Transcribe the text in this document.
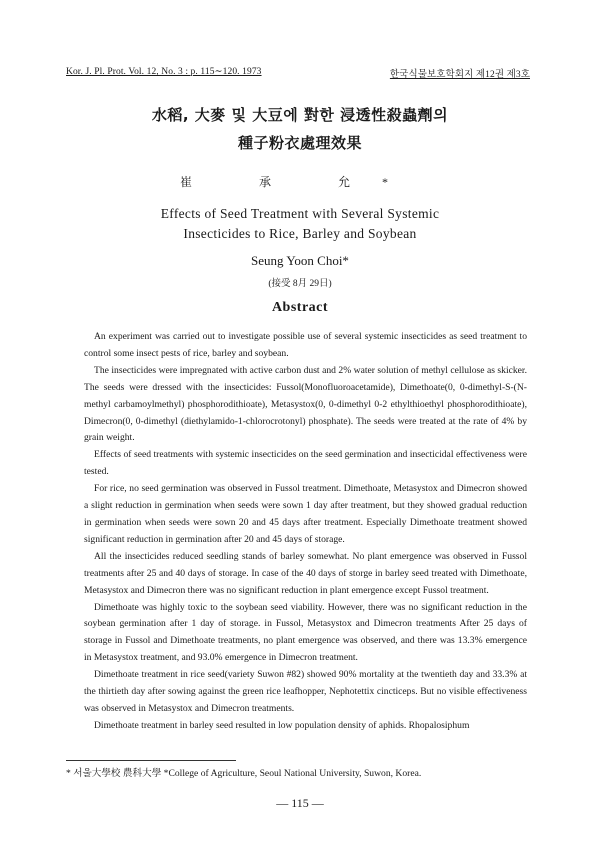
Kor. J. Pl. Prot. Vol. 12, No. 3 : p. 115∼120. 1973	한국식물보호학회지 제12권 제3호
水稻, 大麥 및 大豆에 對한 浸透性殺蟲劑의
種子粉衣處理效果
崔 承 允*
Effects of Seed Treatment with Several Systemic
Insecticides to Rice, Barley and Soybean
Seung Yoon Choi*
(接受 8月 29日)
Abstract

An experiment was carried out to investigate possible use of several systemic insecticides as seed treatment to control some insect pests of rice, barley and soybean.

The insecticides were impregnated with active carbon dust and 2% water solution of methyl cellulose as skicker. The seeds were dressed with the insecticides: Fussol(Monofluoroacetamide), Dimethoate(0, 0-dimethyl-S-(N-methyl carbamoylmethyl) phosphorodithioate), Metasystox(0, 0-dimethyl 0-2 ethylthioethyl phosphorodithioate), Dimecron(0, 0-dimethyl (diethylamido-1-chlorocrotonyl) phosphate). The seeds were treated at the rate of 4% by grain weight.

Effects of seed treatments with systemic insecticides on the seed germination and insecticidal effectiveness were tested.

For rice, no seed germination was observed in Fussol treatment. Dimethoate, Metasystox and Dimecron showed a slight reduction in germination when seeds were sown 1 day after treatment, but they showed gradual reduction in germination when seeds were sown 20 and 45 days after treatment. Especially Dimethoate treatment showed significant reduction in germination after 20 and 45 days of storage.

All the insecticides reduced seedling stands of barley somewhat. No plant emergence was observed in Fussol treatments after 25 and 40 days of storage. In case of the 40 days of storge in barley seed treated with Dimethoate, Metasystox and Dimecron there was no significant reduction in plant emergence except Fussol treatment.

Dimethoate was highly toxic to the soybean seed viability. However, there was no significant reduction in the soybean germination after 1 day of storage. in Fussol, Metasystox and Dimecron treatments After 25 days of storage in Fussol and Dimethoate treatments, no plant emergence was observed, and there was 13.3% emergence in Metasystox treatment, and 93.0% emergence in Dimecron treatment.

Dimethoate treatment in rice seed(variety Suwon #82) showed 90% mortality at the twentieth day and 33.3% at the thirtieth day after sowing against the green rice leafhopper, Nephotettix cincticeps. But no visible effectiveness was observed in Metasystox and Dimecron treatments.

Dimethoate treatment in barley seed resulted in low population density of aphids. Rhopalosiphum

* 서울大學校 農科大學 *College of Agriculture, Seoul National University, Suwon, Korea.
— 115 —
